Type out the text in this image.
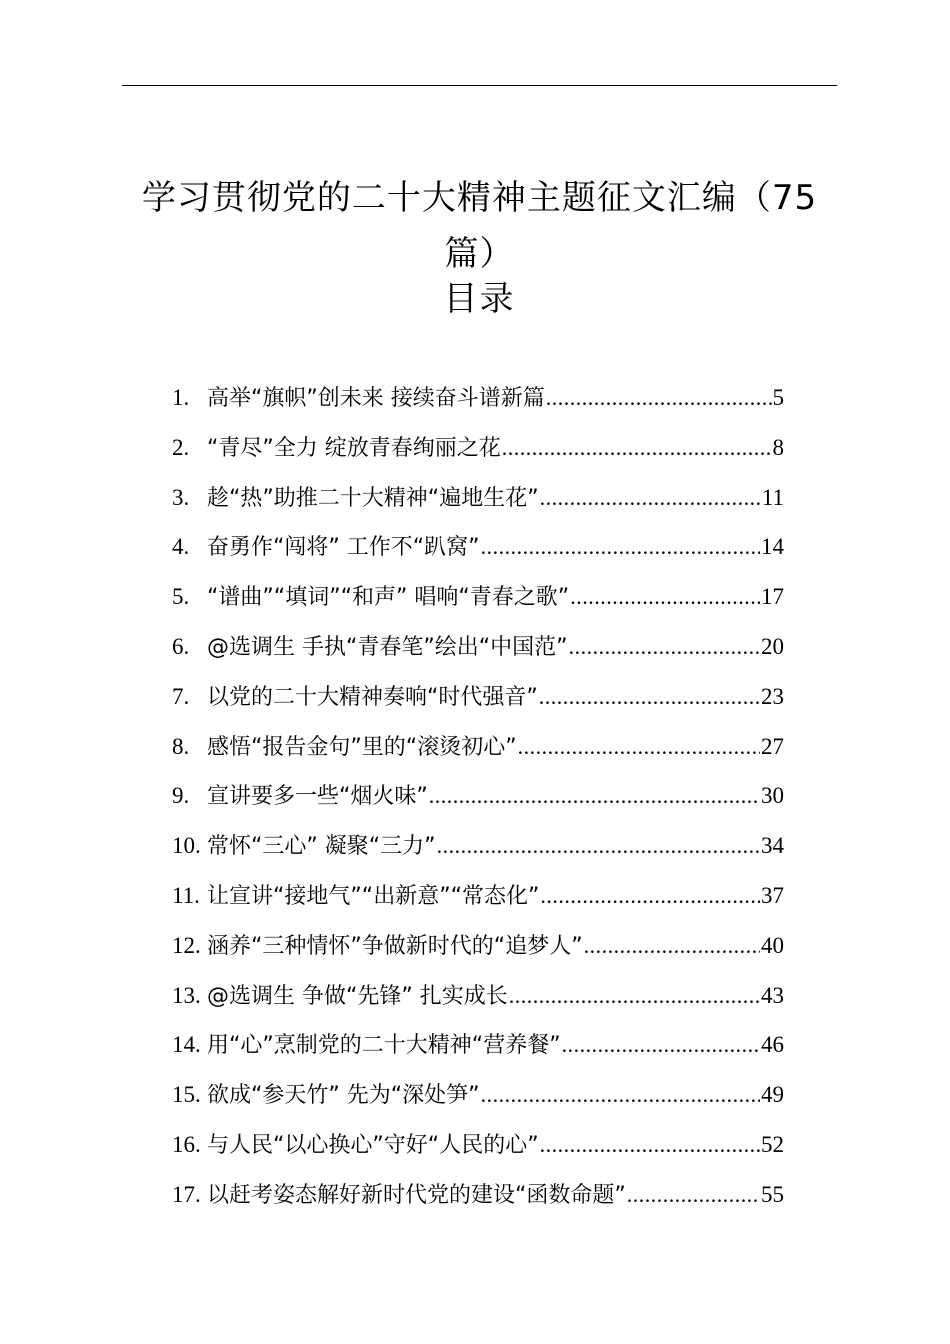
学习贯彻党的二十大精神主题征文汇编（75
篇）
目录
1. 高举“旗帜”创未来 接续奋斗谱新篇 .....	5
2. “青尽”全力 绽放青春绚丽之花 .....	8
3. 趁“热”助推二十大精神“遍地生花” .....	11
4. 奋勇作“闯将” 工作不“趴窝” .....	14
5. “谱曲”“填词”“和声” 唱响“青春之歌” .....	17
6. @选调生 手执“青春笔”绘出“中国范” .....	20
7. 以党的二十大精神奏响“时代强音” .....	23
8. 感悟“报告金句”里的“滚烫初心” .....	27
9. 宣讲要多一些“烟火味” .....	30
10. 常怀“三心” 凝聚“三力” .....	34
11. 让宣讲“接地气”“出新意”“常态化” .....	37
12. 涵养“三种情怀”争做新时代的“追梦人” .....	40
13. @选调生 争做“先锋” 扎实成长 .....	43
14. 用“心”烹制党的二十大精神“营养餐” .....	46
15. 欲成“参天竹” 先为“深处笋” .....	49
16. 与人民“以心换心”守好“人民的心” .....	52
17. 以赶考姿态解好新时代党的建设“函数命题” .....	55
